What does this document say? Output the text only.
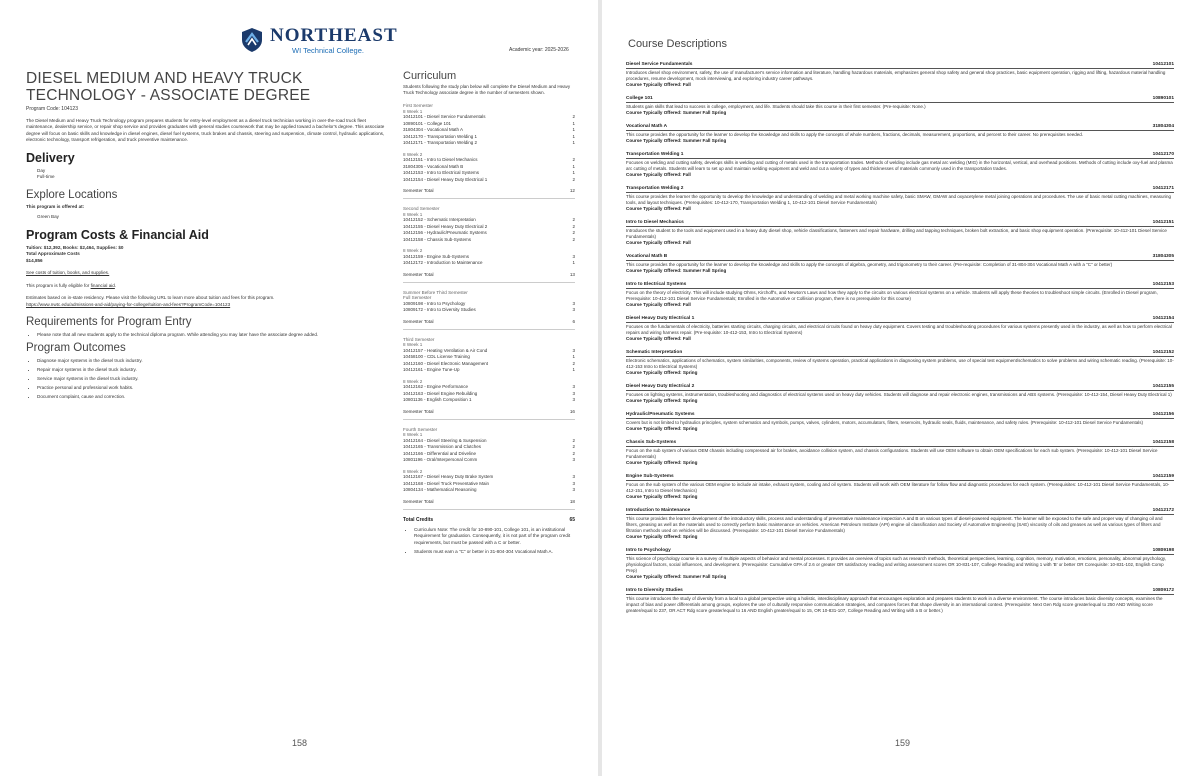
NORTHEAST
WI Technical College.	Academic year: 2025-2026
DIESEL MEDIUM AND HEAVY TRUCK TECHNOLOGY - ASSOCIATE DEGREE
Program Code: 104123
The Diesel Medium and Heavy Truck Technology program prepares students for entry-level employment as a diesel truck technician working in over-the-road truck fleet maintenance, dealership service, or repair shop service and provides graduates with general studies coursework that may be applied toward a bachelor's degree. This associate degree will focus on basic skills and knowledge in diesel engines, diesel fuel systems, truck brakes and chassis, steering and suspension, climate control, hydraulic applications, electronic technology, transport refrigeration, and truck preventive maintenance.
Delivery
Day
Full-time
Explore Locations
This program is offered at:
Green Bay
Program Costs & Financial Aid
Tuition: $12,392, Books: $2,464, Supplies: $0
Total Approximate Costs
$14,856
See costs of tuition, books, and supplies.
This program is fully eligible for financial aid.
Estimates based on in-state residency. Please visit the following URL to learn more about tuition and fees for this program.
https://www.nwtc.edu/admissions-and-aid/paying-for-college/tuition-and-fees?ProgramCode=104123
Requirements for Program Entry
• Please note that all new students apply to the technical diploma program. While attending you may later have the associate degree added.
Program Outcomes
• Diagnose major systems in the diesel truck industry.
• Repair major systems in the diesel truck industry.
• Service major systems in the diesel truck industry.
• Practice personal and professional work habits.
• Document complaint, cause and correction.
Curriculum
Students following the study plan below will complete the Diesel Medium and Heavy Truck Technology associate degree in the number of semesters shown.
First Semester
8 Week 1
10412101 - Diesel Service Fundamentals	2
10890101 - College 101	1
31804304 - Vocational Math A	1
10412170 - Transportation Welding 1	1
10412171 - Transportation Welding 2	1
8 Week 2
10412151 - Intro to Diesel Mechanics	2
31804305 - Vocational Math B	1
10412153 - Intro to Electrical Systems	1
10412154 - Diesel Heavy Duty Electrical 1	2
Semester Total	12
Second Semester
8 Week 1
10412152 - Schematic Interpretation	2
10412155 - Diesel Heavy Duty Electrical 2	2
10412156 - Hydraulic/Pneumatic Systems	2
10412158 - Chassis Sub-Systems	2
8 Week 2
10412159 - Engine Sub-Systems	3
10412172 - Introduction to Maintenance	1
Semester Total	13
Summer Before Third Semester
Full Semester
10809198 - Intro to Psychology	3
10809172 - Intro to Diversity Studies	3
Semester Total	6
Third Semester
8 Week 1
10412157 - Heating Ventilation & Air Cond	3
10458100 - CDL License Training	1
10412160 - Diesel Electronic Management	2
10412161 - Engine Tune-Up	1
8 Week 2
10412162 - Engine Performance	3
10412163 - Diesel Engine Rebuilding	3
10801136 - English Composition 1	3
Semester Total	16
Fourth Semester
8 Week 1
10412164 - Diesel Steering & Suspension	2
10412165 - Transmission and Clutches	2
10412166 - Differential and Driveline	2
10801196 - Oral/Interpersonal Comm	3
8 Week 2
10412167 - Diesel Heavy Duty Brake System	3
10412168 - Diesel Truck Preventative Main	3
10804134 - Mathematical Reasoning	3
Semester Total	18
Total Credits	65
• Curriculum Note: The credit for 10-890-101, College 101, is an institutional Requirement for graduation. Consequently, it is not part of the program credit requirements, but must be passed with a C or better.
• Students must earn a "C" or better in 31-804-304 Vocational Math A.
158
Course Descriptions
Diesel Service Fundamentals	10412101
Introduces diesel shop environment, safety, the use of manufacturer's service information and literature, handling hazardous materials, emphasizes general shop safety and general shop practices, basic equipment operation, rigging and lifting, hazardous material handling procedures, resume development, mock interviewing, and exploring industry career pathways.
Course Typically Offered: Fall
College 101	10890101
Students gain skills that lead to success in college, employment, and life. Students should take this course in their first semester. (Pre-requisite: None.)
Course Typically Offered: Summer Fall Spring
Vocational Math A	31804304
This course provides the opportunity for the learner to develop the knowledge and skills to apply the concepts of whole numbers, fractions, decimals, measurement, proportions, and percent to their career. No prerequisites needed.
Course Typically Offered: Summer Fall Spring
Transportation Welding 1	10412170
Focuses on welding and cutting safety, develops skills in welding and cutting of metals used in the transportation trades. Methods of welding include gas metal arc welding (MIG) in the horizontal, vertical, and overhead positions. Methods of cutting include oxy-fuel and plasma arc cutting of metals. Students will learn to set up and maintain welding equipment and weld and cut a variety of types and thicknesses of materials commonly used in the transportation trades.
Course Typically Offered: Fall
Transportation Welding 2	10412171
This course provides the learner the opportunity to develop the knowledge and understanding of welding and metal working machine safety, basic SMAW, GMAW and oxyacetylene metal joining operations and procedures. The use of basic metal cutting machines, measuring tools, and layout techniques. (Prerequisites: 10-412-170, Transportation Welding 1, 10-412-101 Diesel Service Fundamentals)
Course Typically Offered: Fall
Intro to Diesel Mechanics	10412151
Introduces the student to the tools and equipment used in a heavy duty diesel shop, vehicle classifications, fasteners and repair hardware, drilling and tapping techniques, broken bolt extraction, and basic shop equipment operation. (Prerequisite: 10-412-101 Diesel Service Fundamentals)
Course Typically Offered: Fall
Vocational Math B	31804305
This course provides the opportunity for the learner to develop the knowledge and skills to apply the concepts of algebra, geometry, and trigonometry to their career. (Pre-requisite: Completion of 31-804-304 Vocational Math A with a "C" or better)
Course Typically Offered: Summer Fall Spring
Intro to Electrical Systems	10412153
Focus on the theory of electricity. This will include studying Ohms, Kirchoff's, and Newton's Laws and how they apply to the circuits on various electrical systems on a vehicle. Students will apply these theories to troubleshoot simple circuits. (Enrolled in Diesel program, Prerequisite: 10-412-101 Diesel Service Fundamentals; Enrolled in the Automotive or Collision program, there is no prerequisite for this course)
Course Typically Offered: Fall
Diesel Heavy Duty Electrical 1	10412154
Focuses on the fundamentals of electricity, batteries starting circuits, charging circuits, and electrical circuits found on heavy duty equipment. Covers testing and troubleshooting procedures for various systems presently used in the industry, as well as how to perform electrical repairs and wiring harness repair. (Pre-requisite: 10-412-153, Intro to Electrical Systems)
Course Typically Offered: Fall
Schematic Interpretation	10412152
Electronic schematics, applications of schematics, system similarities, components, review of systems operation, practical applications in diagnosing system problems, use of special test equipment/schematics to solve problems and wiring schematic reading. (Prerequisite: 10-412-153 Intro to Electrical Systems)
Course Typically Offered: Spring
Diesel Heavy Duty Electrical 2	10412155
Focuses on lighting systems, instrumentation, troubleshooting and diagnostics of electrical systems used on heavy duty vehicles. Students will diagnose and repair electronic engines, transmissions and ABS systems. (Prerequisite: 10-412-154, Diesel Heavy Duty Electrical 1)
Course Typically Offered: Spring
Hydraulic/Pneumatic Systems	10412156
Covers but is not limited to hydraulics principles, system schematics and symbols, pumps, valves, cylinders, motors, accumulators, filters, reservoirs, hydraulic seals, fluids, maintenance, and safety rules. (Prerequisite: 10-412-101 Diesel Service Fundamentals)
Course Typically Offered: Spring
Chassis Sub-Systems	10412158
Focus on the sub system of various OEM chassis including compressed air for brakes, avoidance collision system, and chassis configurations. Students will use OEM software to obtain OEM specifications for each sub system. (Prerequisite: 10-412-101 Diesel Service Fundamentals)
Course Typically Offered: Spring
Engine Sub-Systems	10412159
Focus on the sub system of the various OEM engine to include air intake, exhaust system, cooling and oil system. Students will work with OEM literature for follow flow and diagnostic procedures for each system. (Prerequisites: 10-412-101 Diesel Service Fundamentals, 10-412-151, Intro to Diesel Mechanics)
Course Typically Offered: Spring
Introduction to Maintenance	10412172
This course provides the learner development of the introductory skills, process and understanding of preventative maintenance inspection A and B on various types of diesel-powered equipment. The learner will be exposed to the safe and proper way of changing oil and filters, greasing as well as the materials used to correctly perform basic maintenance on vehicles. American Petroleum Institute (API) engine oil classification and Society of Automotive Engineering (SAE) viscosity of oils and greases as well as various types of filters and filtration methods used on vehicles will be discussed. (Prerequisite: 10-412-101 Diesel Service Fundamentals)
Course Typically Offered: Spring
Intro to Psychology	10809198
This science of psychology course is a survey of multiple aspects of behavior and mental processes. It provides an overview of topics such as research methods, theoretical perspectives, learning, cognition, memory, motivation, emotions, personality, abnormal psychology, physiological factors, social influences, and development. (Prerequisite: Cumulative GPA of 2.6 or greater OR satisfactory reading and writing assessment scores OR 10-831-107, College Reading and Writing 1 with 'B' or better OR Corequisite: 10-831-102, English Comp Prep)
Course Typically Offered: Summer Fall Spring
Intro to Diversity Studies	10809172
This course introduces the study of diversity from a local to a global perspective using a holistic, interdisciplinary approach that encourages exploration and prepares students to work in a diverse environment. The course introduces basic diversity concepts, examines the impact of bias and power differentials among groups, explores the use of culturally responsive communication strategies, and compares forces that shape diversity in an international context. (Prerequisite: Next Gen Rdg score greater/equal to 250 AND Writing score greater/equal to 237, OR ACT Rdg score greater/equal to 16 AND English greater/equal to 15, OR 10-831-107, College Reading and Writing with a B or better.)
159
